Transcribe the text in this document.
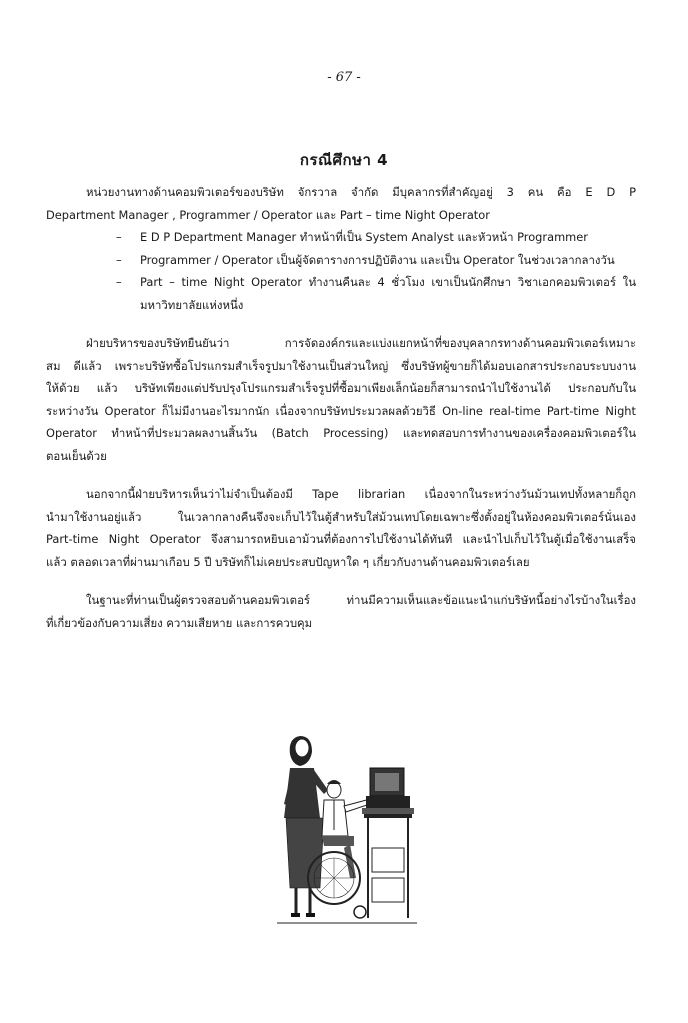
- 67 -
กรณีศึกษา 4
หน่วยงานทางด้านคอมพิวเตอร์ของบริษัท จักรวาล จำกัด มีบุคลากรที่สำคัญอยู่ 3 คน คือ E D P
Department Manager , Programmer / Operator และ Part – time Night Operator
–	E D P Department Manager ทำหน้าที่เป็น System Analyst และหัวหน้า Programmer
–	Programmer / Operator เป็นผู้จัดตารางการปฏิบัติงาน และเป็น Operator ในช่วงเวลากลางวัน
–	Part – time Night Operator ทำงานคืนละ 4 ชั่วโมง เขาเป็นนักศึกษา วิชาเอกคอมพิวเตอร์ ใน
มหาวิทยาลัยแห่งหนึ่ง
ฝ่ายบริหารของบริษัทยืนยันว่า การจัดองค์กรและแบ่งแยกหน้าที่ของบุคลากรทางด้านคอมพิวเตอร์เหมาะ
สม ดีแล้ว เพราะบริษัทซื้อโปรแกรมสำเร็จรูปมาใช้งานเป็นส่วนใหญ่ ซึ่งบริษัทผู้ขายก็ได้มอบเอกสารประกอบระบบงาน
ให้ด้วย แล้ว บริษัทเพียงแต่ปรับปรุงโปรแกรมสำเร็จรูปที่ซื้อมาเพียงเล็กน้อยก็สามารถนำไปใช้งานได้ ประกอบกับใน
ระหว่างวัน Operator ก็ไม่มีงานอะไรมากนัก เนื่องจากบริษัทประมวลผลด้วยวิธี On-line real-time Part-time Night
Operator ทำหน้าที่ประมวลผลงานสิ้นวัน (Batch Processing) และทดสอบการทำงานของเครื่องคอมพิวเตอร์ใน
ตอนเย็นด้วย
นอกจากนี้ฝ่ายบริหารเห็นว่าไม่จำเป็นต้องมี Tape librarian เนื่องจากในระหว่างวันม้วนเทปทั้งหลายก็ถูก
นำมาใช้งานอยู่แล้ว ในเวลากลางคืนจึงจะเก็บไว้ในตู้สำหรับใส่ม้วนเทปโดยเฉพาะซึ่งตั้งอยู่ในห้องคอมพิวเตอร์นั่นเอง
Part-time Night Operator จึงสามารถหยิบเอาม้วนที่ต้องการไปใช้งานได้ทันที และนำไปเก็บไว้ในตู้เมื่อใช้งานเสร็จ
แล้ว ตลอดเวลาที่ผ่านมาเกือบ 5 ปี บริษัทก็ไม่เคยประสบปัญหาใด ๆ เกี่ยวกับงานด้านคอมพิวเตอร์เลย
ในฐานะที่ท่านเป็นผู้ตรวจสอบด้านคอมพิวเตอร์ ท่านมีความเห็นและข้อแนะนำแก่บริษัทนี้อย่างไรบ้างในเรื่อง
ที่เกี่ยวข้องกับความเสี่ยง ความเสียหาย และการควบคุม
